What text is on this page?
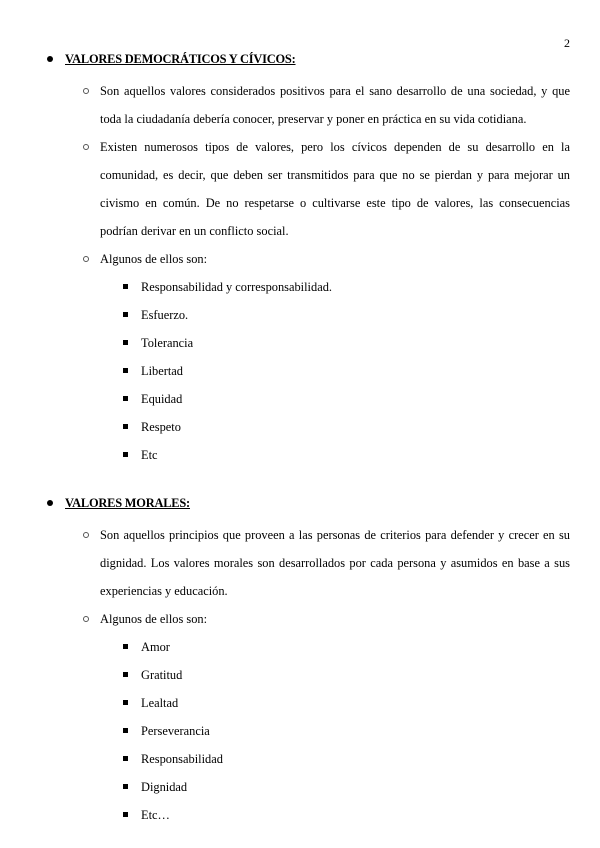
2
VALORES DEMOCRÁTICOS Y CÍVICOS:
Son aquellos valores considerados positivos para el sano desarrollo de una sociedad, y que toda la ciudadanía debería conocer, preservar y poner en práctica en su vida cotidiana.
Existen numerosos tipos de valores, pero los cívicos dependen de su desarrollo en la comunidad, es decir, que deben ser transmitidos para que no se pierdan y para mejorar un civismo en común. De no respetarse o cultivarse este tipo de valores, las consecuencias podrían derivar en un conflicto social.
Algunos de ellos son:
Responsabilidad y corresponsabilidad.
Esfuerzo.
Tolerancia
Libertad
Equidad
Respeto
Etc
VALORES MORALES:
Son aquellos principios que proveen a las personas de criterios para defender y crecer en su dignidad. Los valores morales son desarrollados por cada persona y asumidos en base a sus experiencias y educación.
Algunos de ellos son:
Amor
Gratitud
Lealtad
Perseverancia
Responsabilidad
Dignidad
Etc…
